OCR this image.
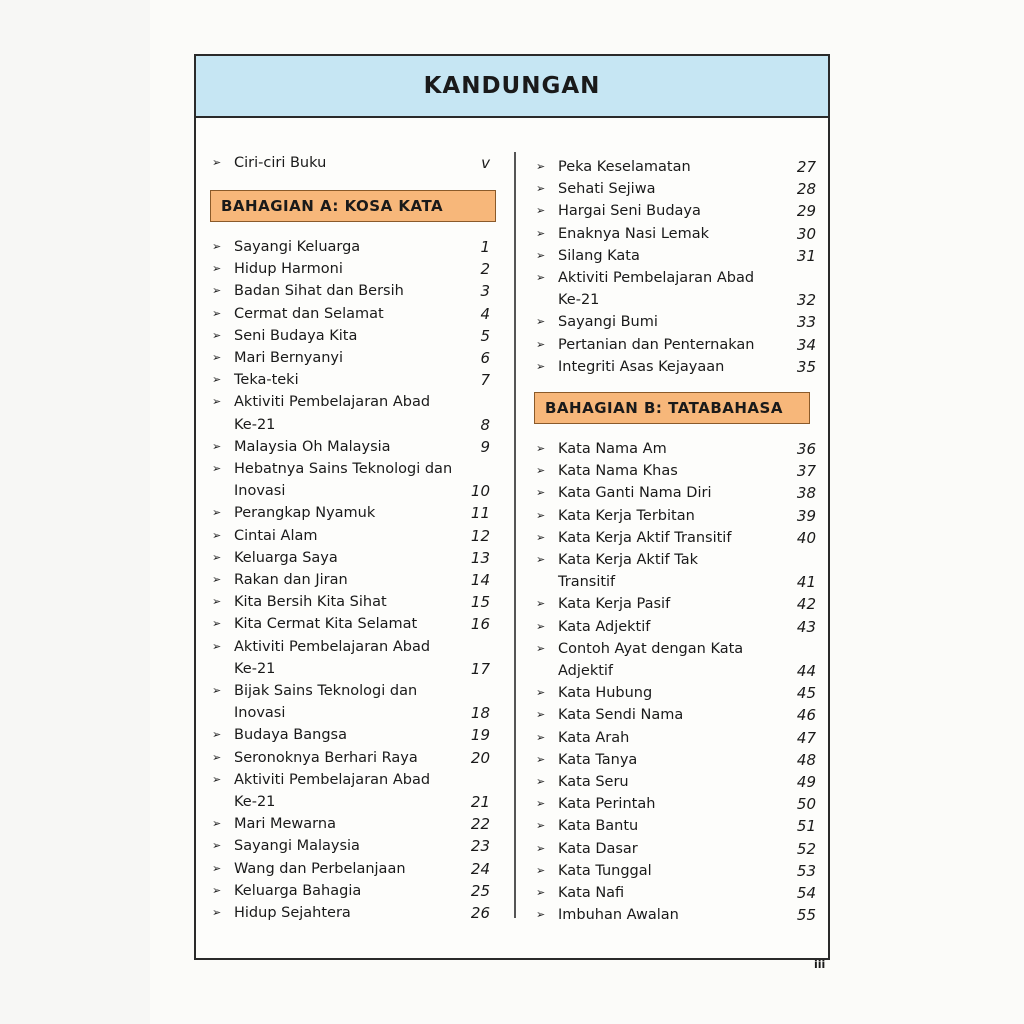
KANDUNGAN
BAHAGIAN A: KOSA KATA
➢ Ciri-ciri Buku	v
➢ Sayangi Keluarga	1
➢ Hidup Harmoni	2
➢ Badan Sihat dan Bersih	3
➢ Cermat dan Selamat	4
➢ Seni Budaya Kita	5
➢ Mari Bernyanyi	6
➢ Teka-teki	7
➢ Aktiviti Pembelajaran Abad
Ke-21	8
➢ Malaysia Oh Malaysia	9
➢ Hebatnya Sains Teknologi dan
Inovasi	10
➢ Perangkap Nyamuk	11
➢ Cintai Alam	12
➢ Keluarga Saya	13
➢ Rakan dan Jiran	14
➢ Kita Bersih Kita Sihat	15
➢ Kita Cermat Kita Selamat	16
➢ Aktiviti Pembelajaran Abad
Ke-21	17
➢ Bijak Sains Teknologi dan
Inovasi	18
➢ Budaya Bangsa	19
➢ Seronoknya Berhari Raya	20
➢ Aktiviti Pembelajaran Abad
Ke-21	21
➢ Mari Mewarna	22
➢ Sayangi Malaysia	23
➢ Wang dan Perbelanjaan	24
➢ Keluarga Bahagia	25
➢ Hidup Sejahtera	26
BAHAGIAN B: TATABAHASA
➢ Peka Keselamatan	27
➢ Sehati Sejiwa	28
➢ Hargai Seni Budaya	29
➢ Enaknya Nasi Lemak	30
➢ Silang Kata	31
➢ Aktiviti Pembelajaran Abad
Ke-21	32
➢ Sayangi Bumi	33
➢ Pertanian dan Penternakan	34
➢ Integriti Asas Kejayaan	35
➢ Kata Nama Am	36
➢ Kata Nama Khas	37
➢ Kata Ganti Nama Diri	38
➢ Kata Kerja Terbitan	39
➢ Kata Kerja Aktif Transitif	40
➢ Kata Kerja Aktif Tak
Transitif	41
➢ Kata Kerja Pasif	42
➢ Kata Adjektif	43
➢ Contoh Ayat dengan Kata
Adjektif	44
➢ Kata Hubung	45
➢ Kata Sendi Nama	46
➢ Kata Arah	47
➢ Kata Tanya	48
➢ Kata Seru	49
➢ Kata Perintah	50
➢ Kata Bantu	51
➢ Kata Dasar	52
➢ Kata Tunggal	53
➢ Kata Nafi	54
➢ Imbuhan Awalan	55
iii
